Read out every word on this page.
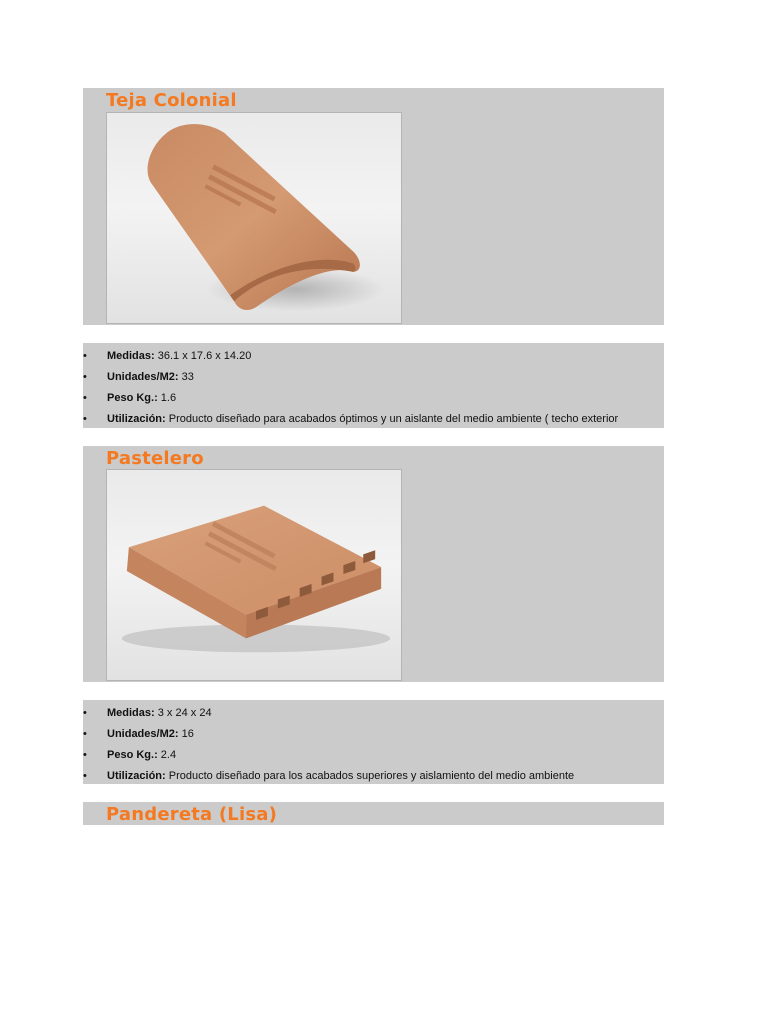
Teja Colonial
• Medidas: 36.1 x 17.6 x 14.20
• Unidades/M2: 33
• Peso Kg.: 1.6
• Utilización: Producto diseñado para acabados óptimos y un aislante del medio ambiente ( techo exterior
Pastelero
• Medidas: 3 x 24 x 24
• Unidades/M2: 16
• Peso Kg.: 2.4
• Utilización: Producto diseñado para los acabados superiores y aislamiento del medio ambiente
Pandereta (Lisa)
